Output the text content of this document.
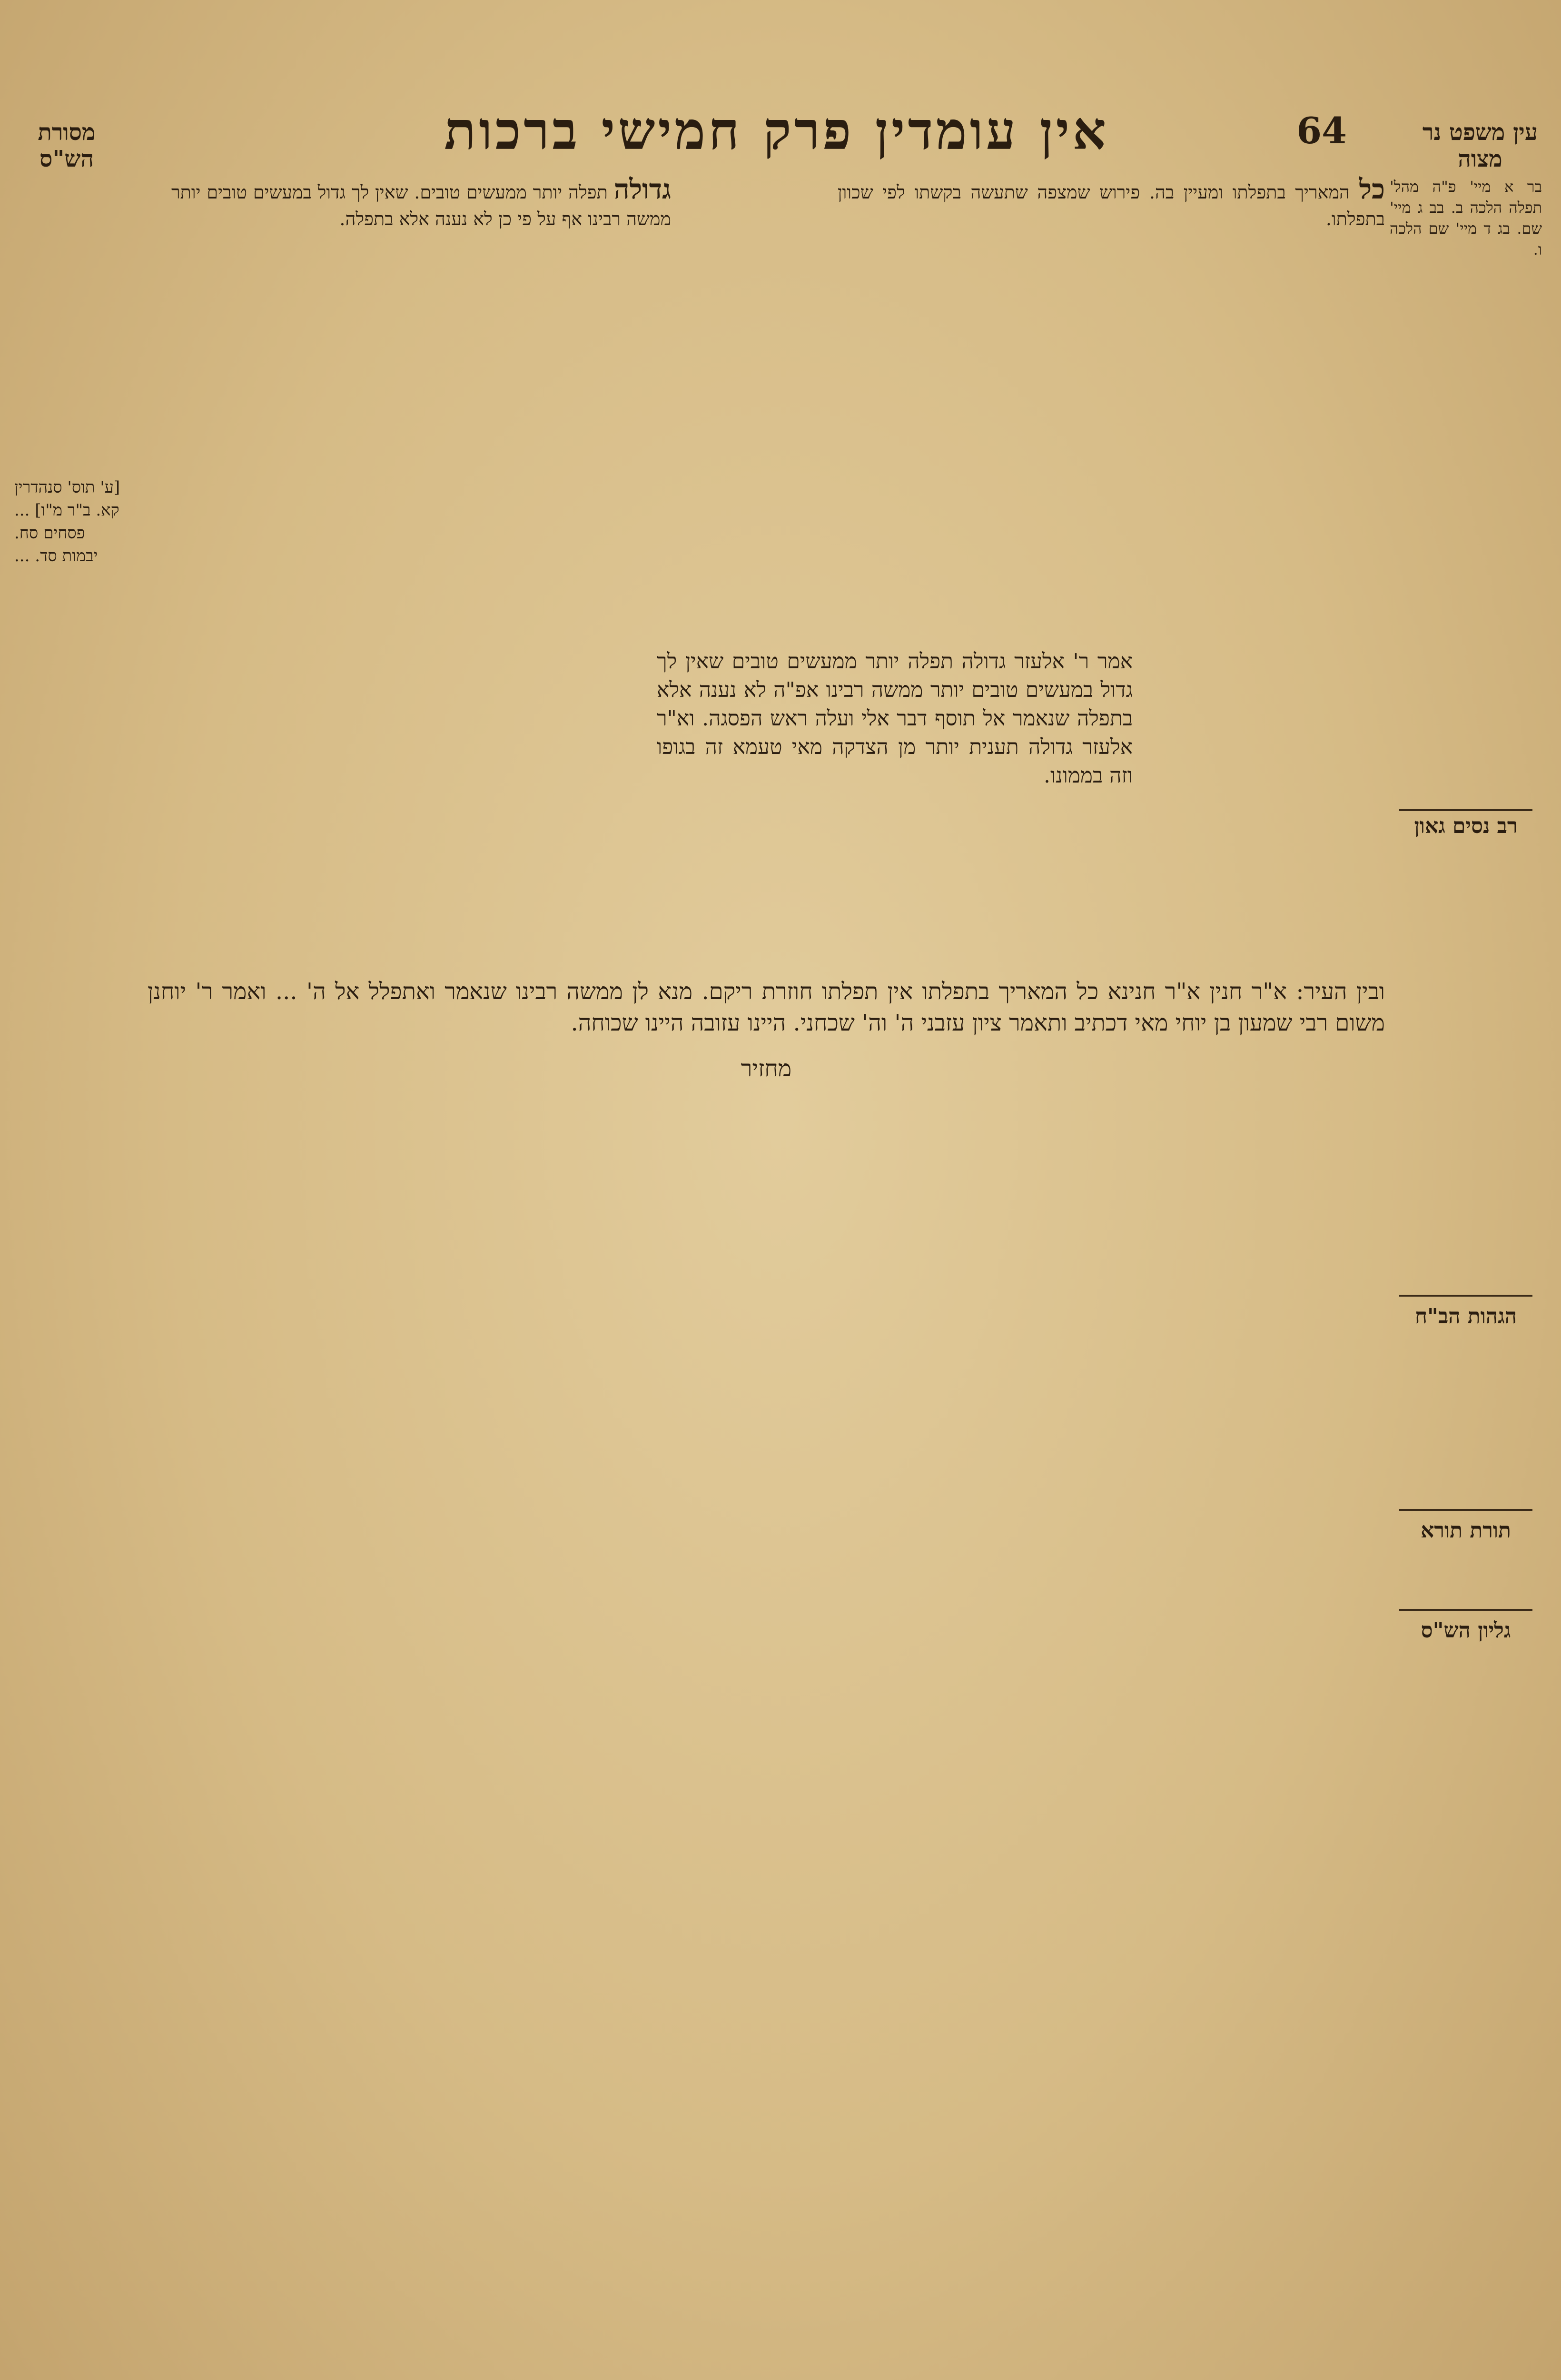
עין משפט נר מצוה
64
אין עומדין פרק חמישי ברכות
מסורת הש"ס
בר א מיי' פ"ה מהל' תפלה הלכה ב. בב ג מיי' שם. בג ד מיי' שם הלכה ו.
רב נסים גאון
הגהות הב"ח
תורת תורא
גליון הש"ס
גדולה תפלה יותר ממעשים טובים. שאין לך גדול במעשים טובים יותר ממשה רבינו אף על פי כן לא נענה אלא בתפלה.
כל המאריך בתפלתו ומעיין בה. פירוש שמצפה שתעשה בקשתו לפי שכוון בתפלתו.
אמר ר' אלעזר גדולה תפלה יותר ממעשים טובים שאין לך גדול במעשים טובים יותר ממשה רבינו אפ"ה לא נענה אלא בתפלה שנאמר אל תוסף דבר אלי ועלה ראש הפסגה. וא"ר אלעזר גדולה תענית יותר מן הצדקה מאי טעמא זה בגופו וזה בממונו.
ובין העיר: א"ר חנין א"ר חנינא כל המאריך בתפלתו אין תפלתו חוזרת ריקם. מנא לן ממשה רבינו שנאמר ואתפלל אל ה' ... ואמר ר' יוחנן משום רבי שמעון בן יוחי מאי דכתיב ותאמר ציון עזבני ה' וה' שכחני. היינו עזובה היינו שכוחה.
מחזיר
[ע' תוס' סנהדרין קא. ב"ר מ"ו] ... פסחים סח. יבמות סד. ...
